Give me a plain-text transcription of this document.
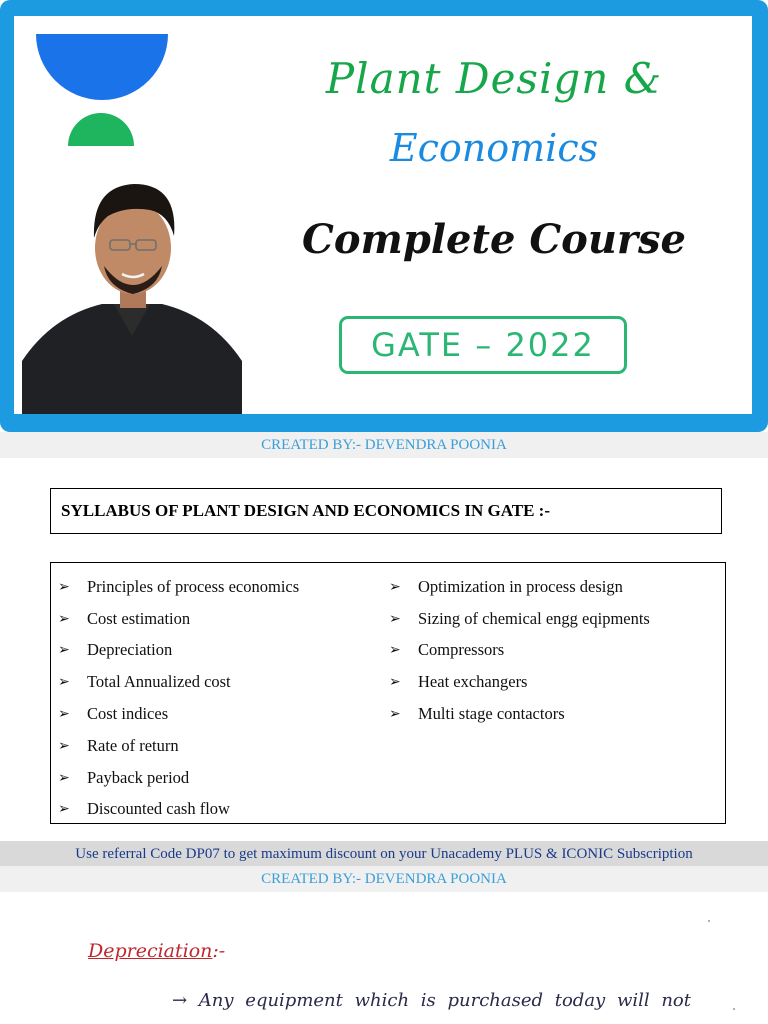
Plant Design &
Economics
Complete Course
GATE – 2022
CREATED BY:- DEVENDRA POONIA
SYLLABUS OF PLANT DESIGN AND ECONOMICS IN GATE :-
➢	Principles of process economics
➢	Cost estimation
➢	Depreciation
➢	Total Annualized cost
➢	Cost indices
➢	Rate of return
➢	Payback period
➢	Discounted cash flow
➢	Optimization in process design
➢	Sizing of chemical engg eqipments
➢	Compressors
➢	Heat exchangers
➢	Multi stage contactors
Use referral Code DP07 to get maximum discount on your Unacademy PLUS & ICONIC Subscription
CREATED BY:- DEVENDRA POONIA
Depreciation:-
→ Any equipment which is purchased today will not
